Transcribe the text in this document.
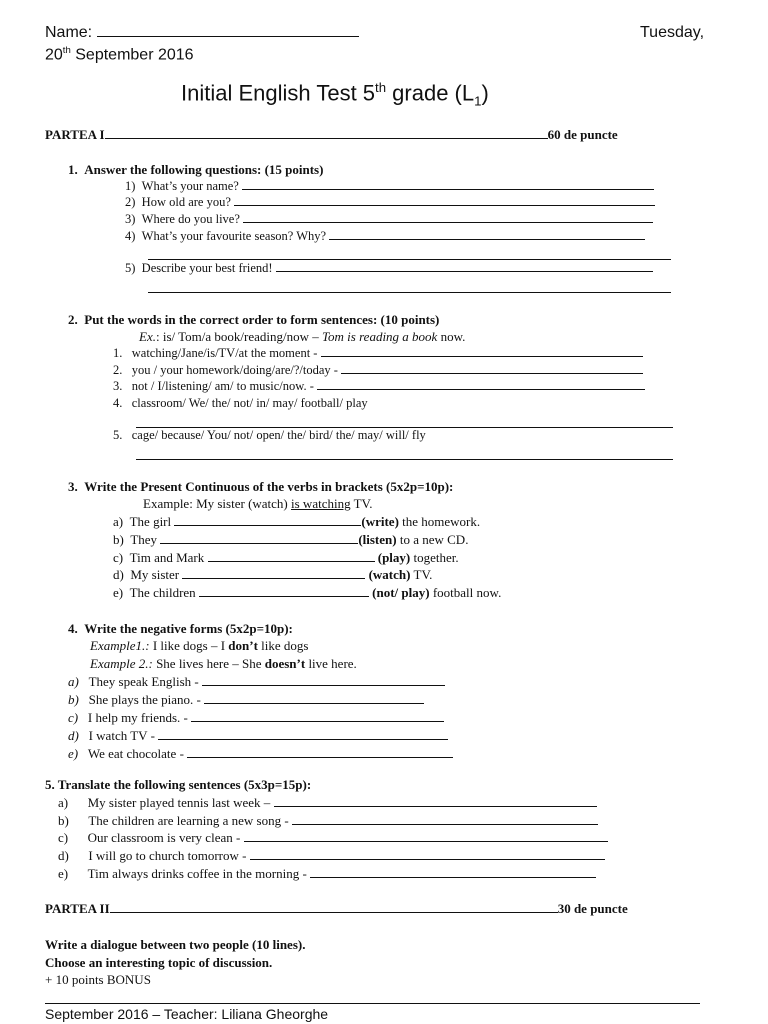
Name:	Tuesday,
20th September 2016
Initial English Test 5th grade $(L_1)$
PARTEA I	60 de puncte
1. Answer the following questions: (15 points)
1) What’s your name?
2) How old are you?
3) Where do you live?
4) What’s your favourite season? Why?
5) Describe your best friend!
2. Put the words in the correct order to form sentences: (10 points)
Ex.: is/ Tom/a book/reading/now – Tom is reading a book now.
1. watching/Jane/is/TV/at the moment -
2. you / your homework/doing/are/?/today -
3. not / I/listening/ am/ to music/now. -
4. classroom/ We/ the/ not/ in/ may/ football/ play
5. cage/ because/ You/ not/ open/ the/ bird/ the/ may/ will/ fly
3. Write the Present Continuous of the verbs in brackets (5x2p=10p):
Example: My sister (watch) is watching TV.
a) The girl	(write) the homework.
b) They	(listen) to a new CD.
c) Tim and Mark	(play) together.
d) My sister	(watch) TV.
e) The children	(not/ play) football now.
4. Write the negative forms (5x2p=10p):
Example1.: I like dogs – I don’t like dogs
Example 2.: She lives here – She doesn’t live here.
a) They speak English -
b) She plays the piano. -
c) I help my friends. -
d) I watch TV -
e) We eat chocolate -
5. Translate the following sentences (5x3p=15p):
a) My sister played tennis last week –
b) The children are learning a new song -
c) Our classroom is very clean -
d) I will go to church tomorrow -
e) Tim always drinks coffee in the morning -
PARTEA II	30 de puncte
Write a dialogue between two people (10 lines).
Choose an interesting topic of discussion.
+ 10 points BONUS
September 2016 – Teacher: Liliana Gheorghe
